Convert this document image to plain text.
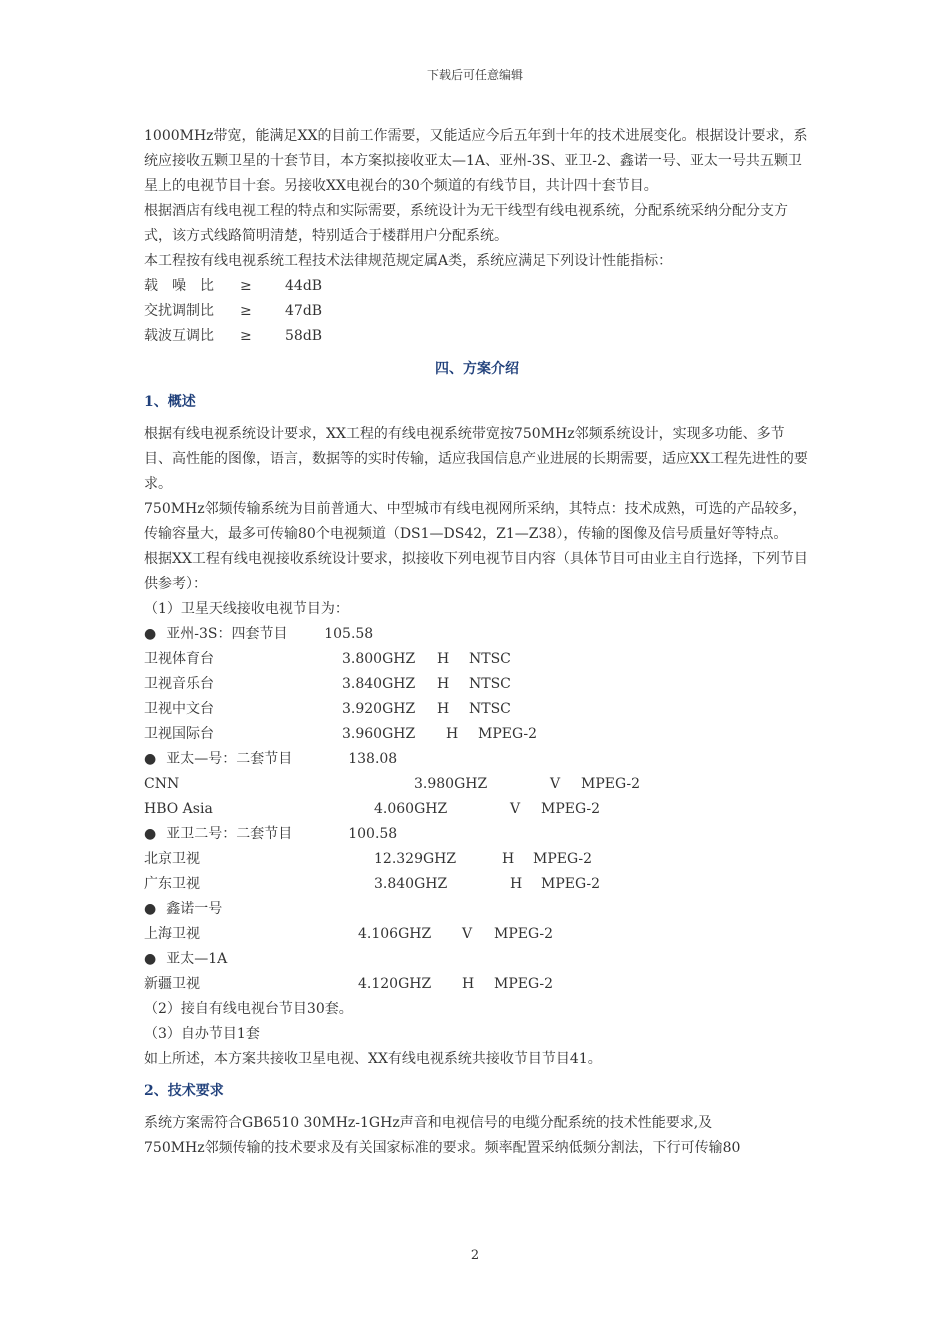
下载后可任意编辑

1000MHz带宽，能满足XX的目前工作需要，又能适应今后五年到十年的技术进展变化。根据设计要求，系统应接收五颗卫星的十套节目，本方案拟接收亚太—1A、亚州-3S、亚卫-2、鑫诺一号、亚太一号共五颗卫星上的电视节目十套。另接收XX电视台的30个频道的有线节目，共计四十套节目。

根据酒店有线电视工程的特点和实际需要，系统设计为无干线型有线电视系统，分配系统采纳分配分支方式，该方式线路简明清楚，特别适合于楼群用户分配系统。

本工程按有线电视系统工程技术法律规范规定属A类，系统应满足下列设计性能指标：

载　噪　比	≥	44dB
交扰调制比	≥	47dB
载波互调比	≥	58dB
四、方案介绍
1、概述

根据有线电视系统设计要求，XX工程的有线电视系统带宽按750MHz邻频系统设计，实现多功能、多节目、高性能的图像，语言，数据等的实时传输，适应我国信息产业进展的长期需要，适应XX工程先进性的要求。

750MHz邻频传输系统为目前普通大、中型城市有线电视网所采纳，其特点：技术成熟，可选的产品较多，传输容量大，最多可传输80个电视频道（DS1—DS42，Z1—Z38），传输的图像及信号质量好等特点。

根据XX工程有线电视接收系统设计要求，拟接收下列电视节目内容（具体节目可由业主自行选择，下列节目供参考）：

（1）卫星天线接收电视节目为：

● 亚州-3S：四套节目	105.58
卫视体育台	3.800GHZ	H	NTSC
卫视音乐台	3.840GHZ	H	NTSC
卫视中文台	3.920GHZ	H	NTSC
卫视国际台	3.960GHZ	H	MPEG-2
● 亚太—号：二套节目	138.08
CNN	3.980GHZ	V	MPEG-2
HBO Asia	4.060GHZ	V	MPEG-2
● 亚卫二号：二套节目	100.58
北京卫视	12.329GHZ	H	MPEG-2
广东卫视	3.840GHZ	H	MPEG-2
● 鑫诺一号
上海卫视	4.106GHZ	V	MPEG-2
● 亚太—1A
新疆卫视	4.120GHZ	H	MPEG-2

（2）接自有线电视台节目30套。

（3）自办节目1套

如上所述，本方案共接收卫星电视、XX有线电视系统共接收节目节目41。

2、技术要求

系统方案需符合GB6510 30MHz-1GHz声音和电视信号的电缆分配系统的技术性能要求,及

750MHz邻频传输的技术要求及有关国家标准的要求。频率配置采纳低频分割法，下行可传输80

2
